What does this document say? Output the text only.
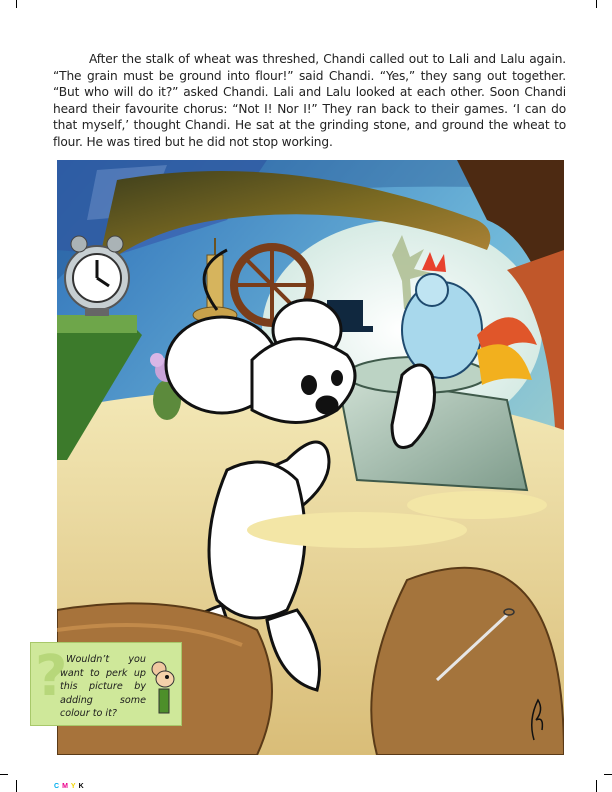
After the stalk of wheat was threshed, Chandi called out to Lali and Lalu again. “The grain must be ground into flour!” said Chandi. “Yes,” they sang out together. “But who will do it?” asked Chandi. Lali and Lalu looked at each other. Soon Chandi heard their favourite chorus: “Not I! Nor I!” They ran back to their games. ‘I can do that myself,’ thought Chandi. He sat at the grinding stone, and ground the wheat to flour. He was tired but he did not stop working.

?

Wouldn’t you want to perk up this picture by adding some colour to it?

CMYK
